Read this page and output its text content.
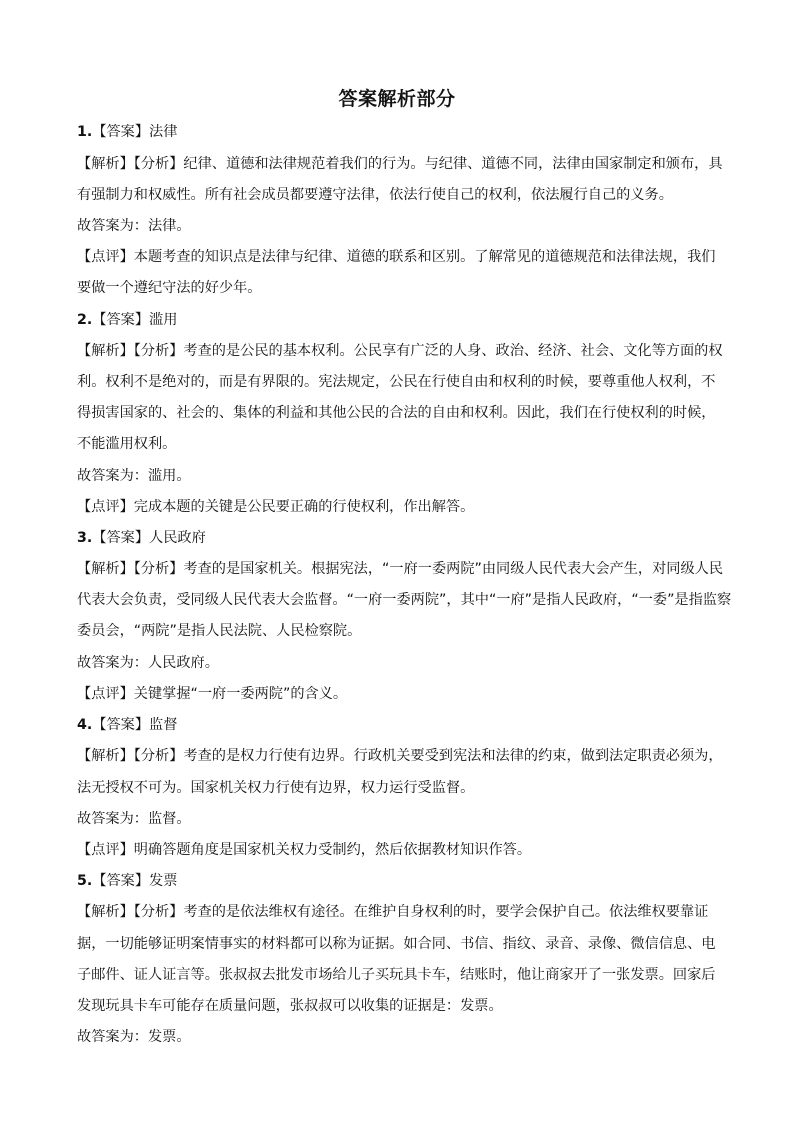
答案解析部分
1.【答案】法律
【解析】【分析】纪律、道德和法律规范着我们的行为。与纪律、道德不同，法律由国家制定和颁布，具
有强制力和权威性。所有社会成员都要遵守法律，依法行使自己的权利，依法履行自己的义务。
故答案为：法律。
【点评】本题考查的知识点是法律与纪律、道德的联系和区别。了解常见的道德规范和法律法规，我们
要做一个遵纪守法的好少年。
2.【答案】滥用
【解析】【分析】考查的是公民的基本权利。公民享有广泛的人身、政治、经济、社会、文化等方面的权
利。权利不是绝对的，而是有界限的。宪法规定，公民在行使自由和权利的时候，要尊重他人权利，不
得损害国家的、社会的、集体的利益和其他公民的合法的自由和权利。因此，我们在行使权利的时候，
不能滥用权利。
故答案为：滥用。
【点评】完成本题的关键是公民要正确的行使权利，作出解答。
3.【答案】人民政府
【解析】【分析】考查的是国家机关。根据宪法，“一府一委两院”由同级人民代表大会产生，对同级人民
代表大会负责，受同级人民代表大会监督。“一府一委两院”，其中“一府”是指人民政府，“一委”是指监察
委员会，“两院”是指人民法院、人民检察院。
故答案为：人民政府。
【点评】关键掌握“一府一委两院”的含义。
4.【答案】监督
【解析】【分析】考查的是权力行使有边界。行政机关要受到宪法和法律的约束，做到法定职责必须为，
法无授权不可为。国家机关权力行使有边界，权力运行受监督。
故答案为：监督。
【点评】明确答题角度是国家机关权力受制约，然后依据教材知识作答。
5.【答案】发票
【解析】【分析】考查的是依法维权有途径。在维护自身权利的时，要学会保护自己。依法维权要靠证
据，一切能够证明案情事实的材料都可以称为证据。如合同、书信、指纹、录音、录像、微信信息、电
子邮件、证人证言等。张叔叔去批发市场给儿子买玩具卡车，结账时，他让商家开了一张发票。回家后
发现玩具卡车可能存在质量问题，张叔叔可以收集的证据是：发票。
故答案为：发票。
